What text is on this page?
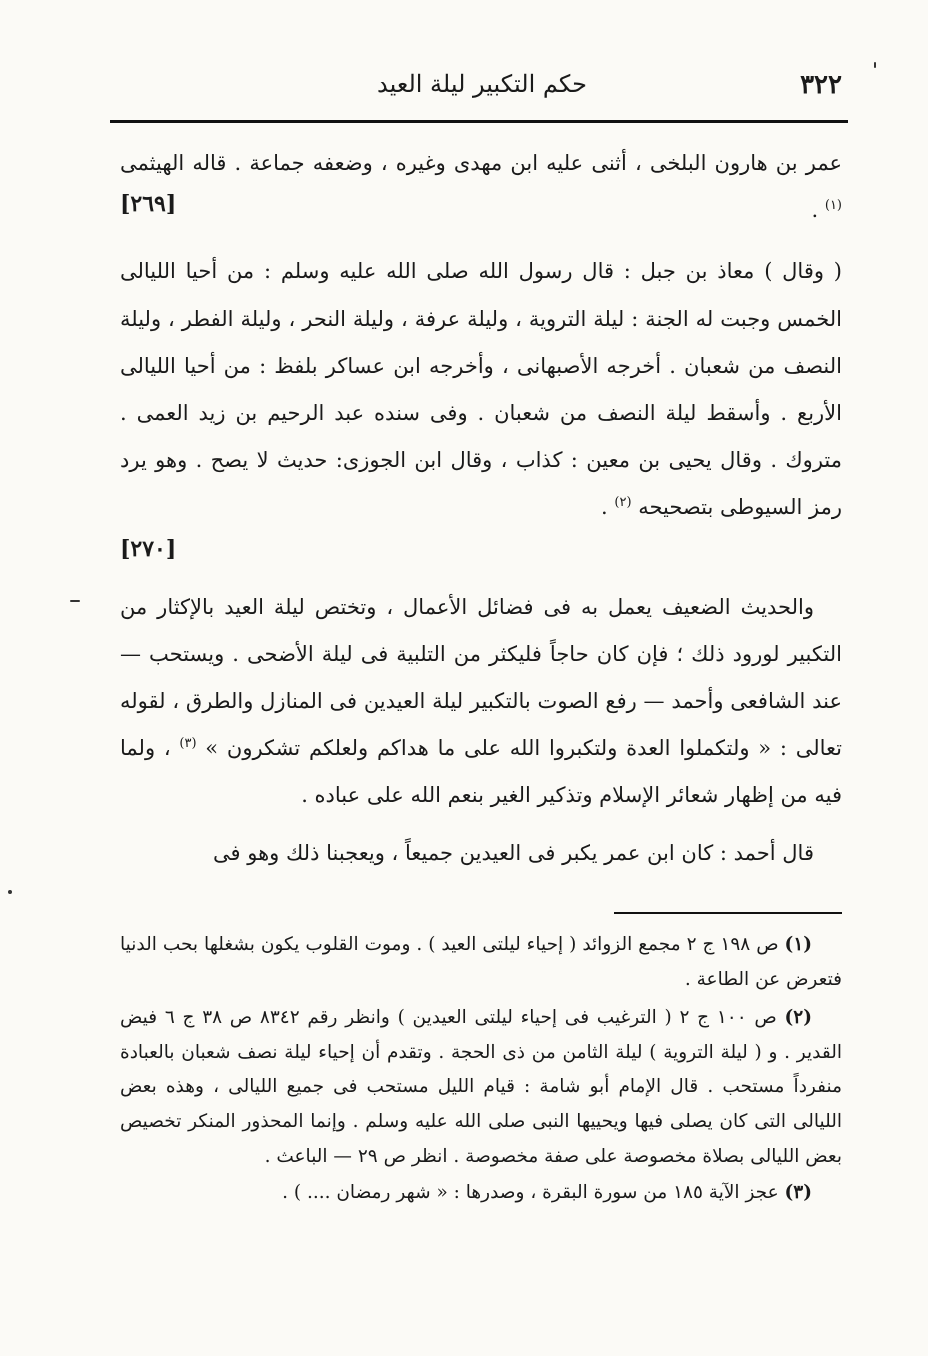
٣٢٢
حكم التكبير ليلة العيد

عمر بن هارون البلخى ، أثنى عليه ابن مهدى وغيره ، وضعفه جماعة . قاله الهيثمى $^{(١)}$ .
[٢٦٩]

( وقال ) معاذ بن جبل : قال رسول الله صلى الله عليه وسلم : من أحيا الليالى الخمس وجبت له الجنة : ليلة التروية ، وليلة عرفة ، وليلة النحر ، وليلة الفطر ، وليلة النصف من شعبان . أخرجه الأصبهانى ، وأخرجه ابن عساكر بلفظ : من أحيا الليالى الأربع . وأسقط ليلة النصف من شعبان . وفى سنده عبد الرحيم بن زيد العمى . متروك . وقال يحيى بن معين : كذاب ، وقال ابن الجوزى: حديث لا يصح . وهو يرد رمز السيوطى بتصحيحه $^{(٢)}$ .
[٢٧٠]

والحديث الضعيف يعمل به فى فضائل الأعمال ، وتختص ليلة العيد بالإكثار من التكبير لورود ذلك ؛ فإن كان حاجاً فليكثر من التلبية فى ليلة الأضحى . ويستحب — عند الشافعى وأحمد — رفع الصوت بالتكبير ليلة العيدين فى المنازل والطرق ، لقوله تعالى : « ولتكملوا العدة ولتكبروا الله على ما هداكم ولعلكم تشكرون » $^{(٣)}$ ، ولما فيه من إظهار شعائر الإسلام وتذكير الغير بنعم الله على عباده .

قال أحمد : كان ابن عمر يكبر فى العيدين جميعاً ، ويعجبنا ذلك وهو فى

(١) ص ١٩٨ ج ٢ مجمع الزوائد ( إحياء ليلتى العيد ) . وموت القلوب يكون بشغلها بحب الدنيا فتعرض عن الطاعة .

(٢) ص ١٠٠ ج ٢ ( الترغيب فى إحياء ليلتى العيدين ) وانظر رقم ٨٣٤٢ ص ٣٨ ج ٦ فيض القدير . و ( ليلة التروية ) ليلة الثامن من ذى الحجة . وتقدم أن إحياء ليلة نصف شعبان بالعبادة منفرداً مستحب . قال الإمام أبو شامة : قيام الليل مستحب فى جميع الليالى ، وهذه بعض الليالى التى كان يصلى فيها ويحييها النبى صلى الله عليه وسلم . وإنما المحذور المنكر تخصيص بعض الليالى بصلاة مخصوصة على صفة مخصوصة . انظر ص ٢٩ — الباعث .

(٣) عجز الآية ١٨٥ من سورة البقرة ، وصدرها : « شهر رمضان .... ) .
